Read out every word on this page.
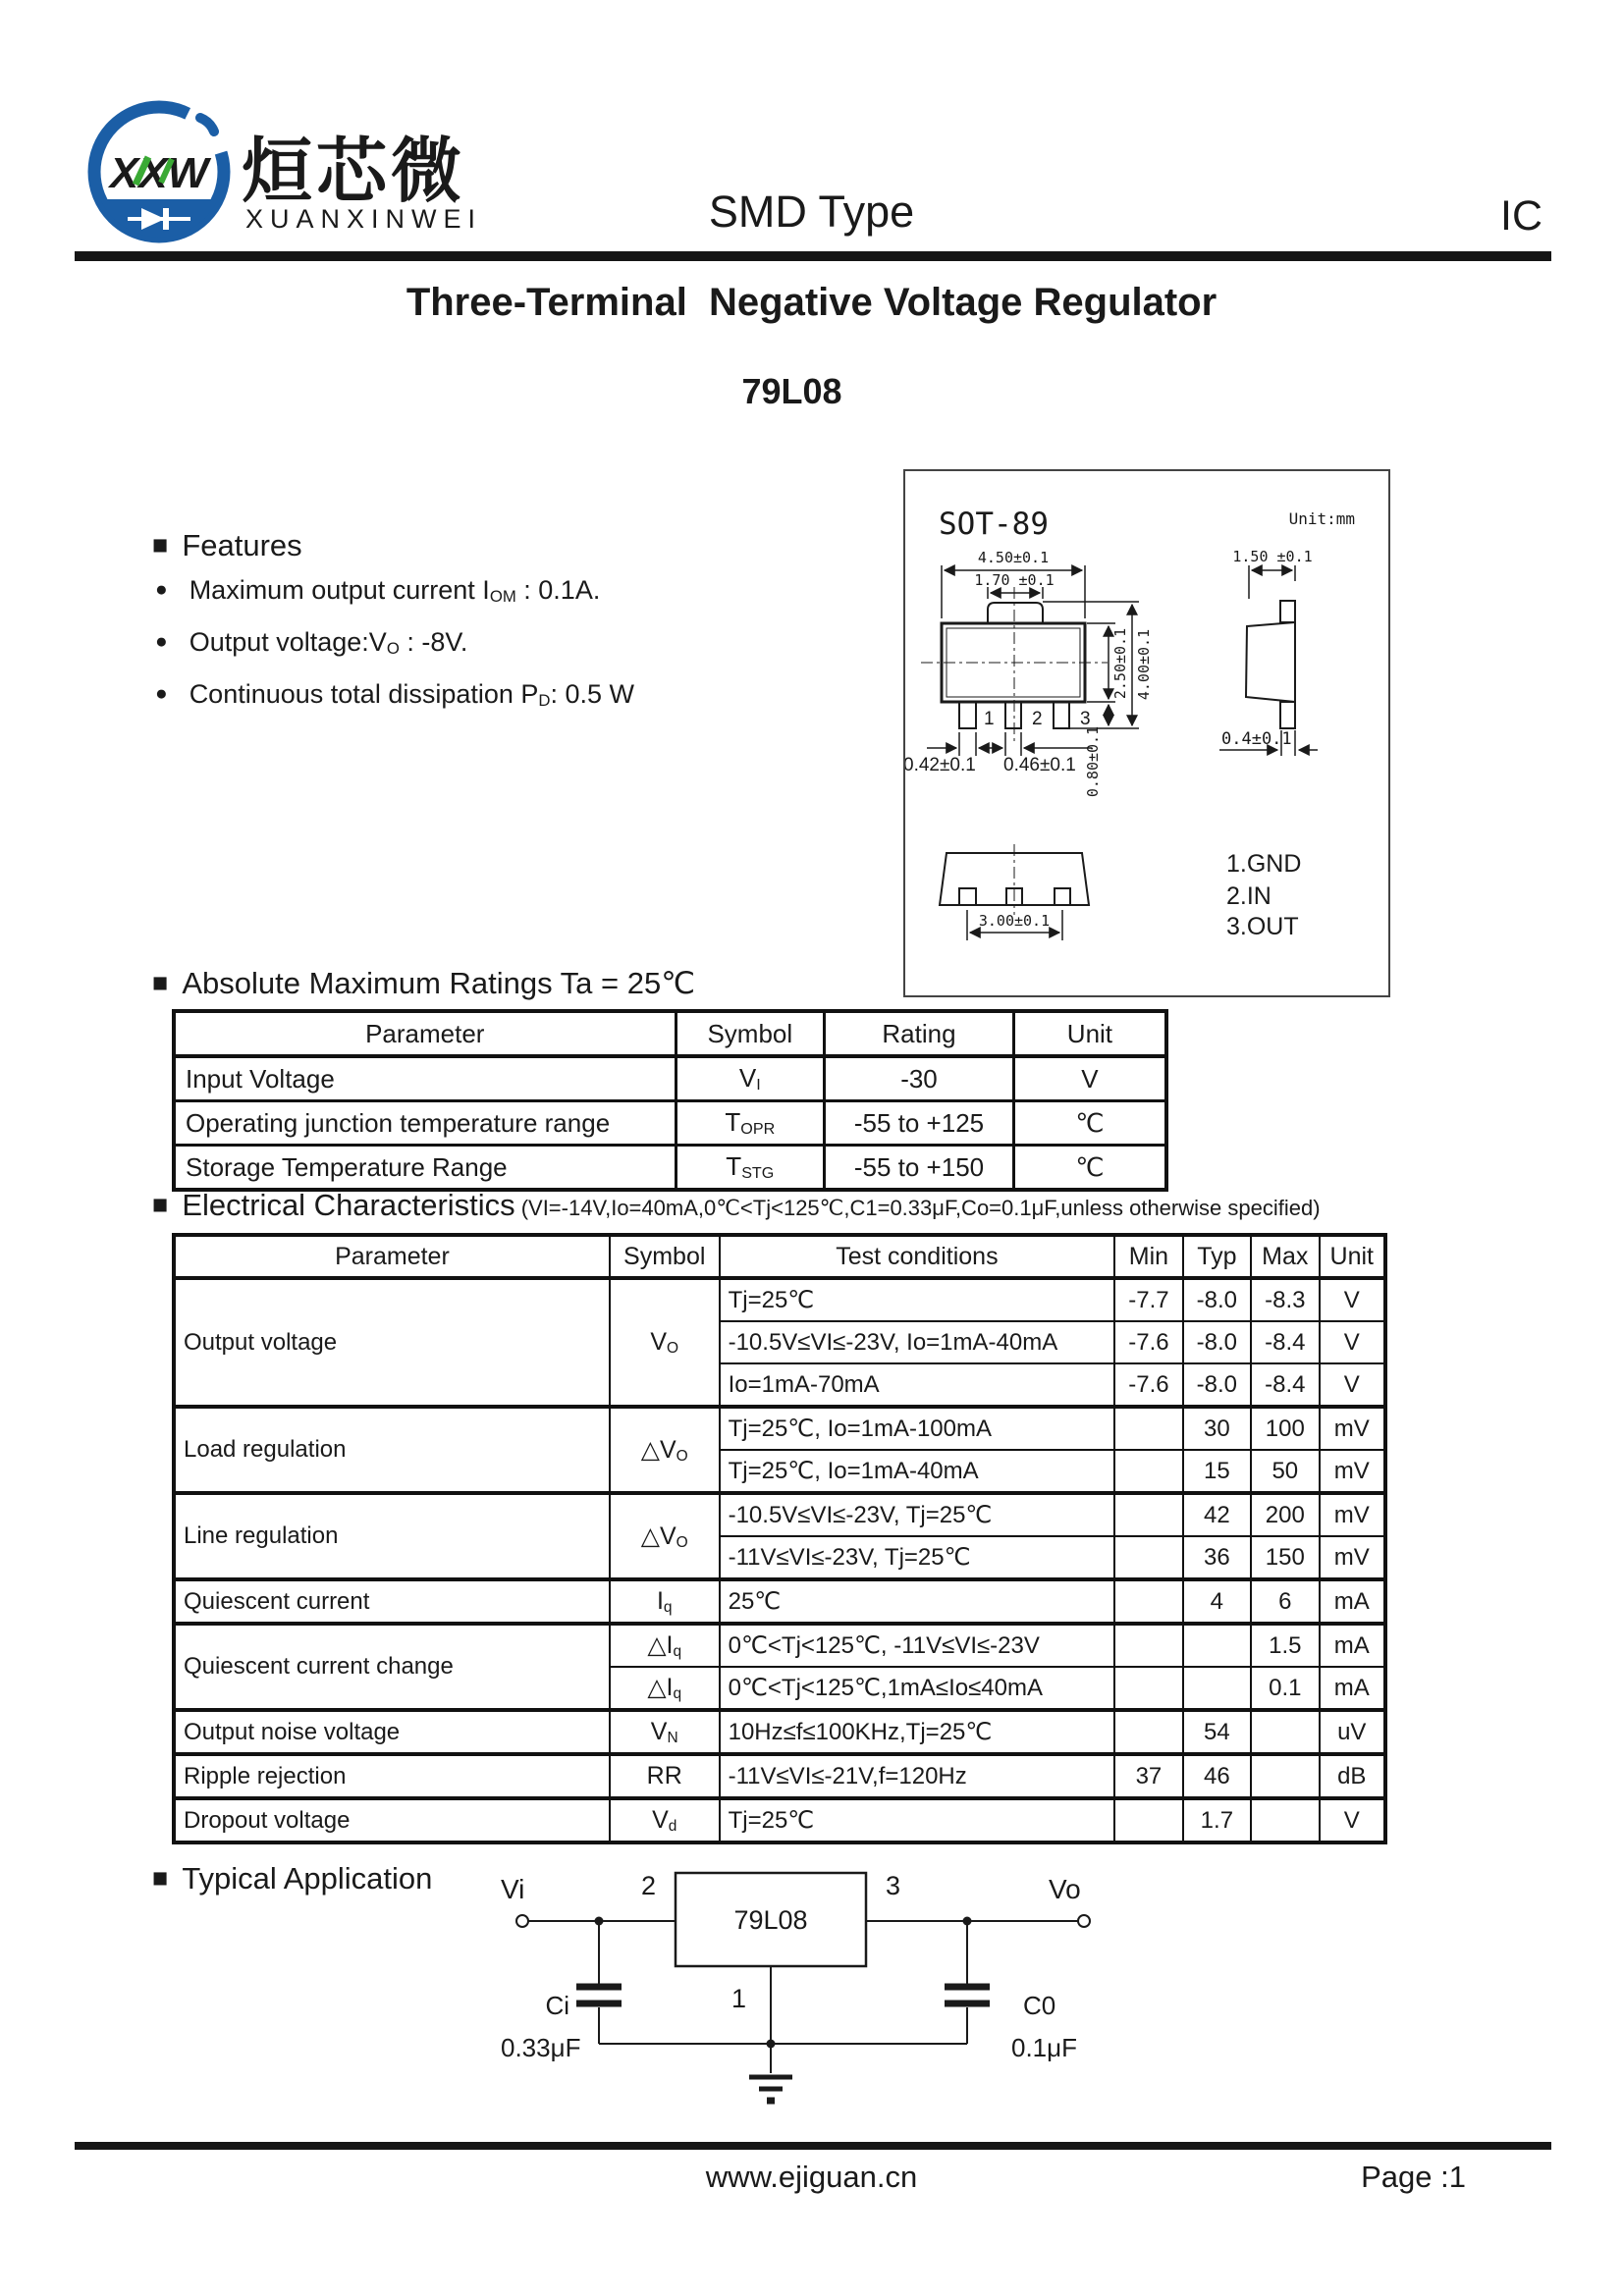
XXW 烜芯微
XUANXINWEI	SMD Type	IC
Three-Terminal  Negative Voltage Regulator
79L08
■ Features
● Maximum output current $I_{OM}$ : 0.1A.
● Output $voltage:V_O$ : -8V.
● Continuous total dissipation $P_D$: 0.5 W
SOT-89	Unit:mm
1 2 3
4.50±0.1
1.70 ±0.1
2.50±0.1 4.00±0.1
0.80±0.1
0.42±0.1 0.46±0.1
1.50 ±0.1
0.4±0.1
3.00±0.1
1.GND
2.IN
3.OUT
■ Absolute Maximum Ratings Ta = 25℃
Parameter	Symbol	Rating	Unit
Input Voltage	$V_I$	-30	V
Operating junction temperature range	$T_{OPR}$	-55 to +125	℃
Storage Temperature Range	$T_{STG}$	-55 to +150	℃
■ Electrical Characteristics (VI=-14V,Io=40mA,0℃<Tj<125℃,C1=0.33μF,Co=0.1μF,unless otherwise specified)
Parameter	Symbol	Test conditions	Min	Typ	Max	Unit
Output voltage	$V_O$	Tj=25℃	-7.7	-8.0	-8.3	V
		-10.5V≤VI≤-23V, Io=1mA-40mA	-7.6	-8.0	-8.4	V
		Io=1mA-70mA	-7.6	-8.0	-8.4	V
Load regulation	$\triangle V_O$	Tj=25℃, Io=1mA-100mA		30	100	mV
		Tj=25℃, Io=1mA-40mA		15	50	mV
Line regulation	$\triangle V_O$	-10.5V≤VI≤-23V, Tj=25℃		42	200	mV
		-11V≤VI≤-23V, Tj=25℃		36	150	mV
Quiescent current	$I_q$	25℃		4	6	mA
Quiescent current change	$\triangle I_q$	0℃<Tj<125℃, -11V≤VI≤-23V			1.5	mA
	$\triangle I_q$	0℃<Tj<125℃,1mA≤Io≤40mA			0.1	mA
Output noise voltage	$V_N$	10Hz≤f≤100KHz,Tj=25℃		54		uV
Ripple rejection	RR	-11V≤VI≤-21V,f=120Hz	37	46		dB
Dropout voltage	$V_d$	Tj=25℃		1.7		V
■ Typical Application Vi	Vo
2	3
79L08
1
Ci
0.33μF
C0
0.1μF
www.ejiguan.cn	Page :1
